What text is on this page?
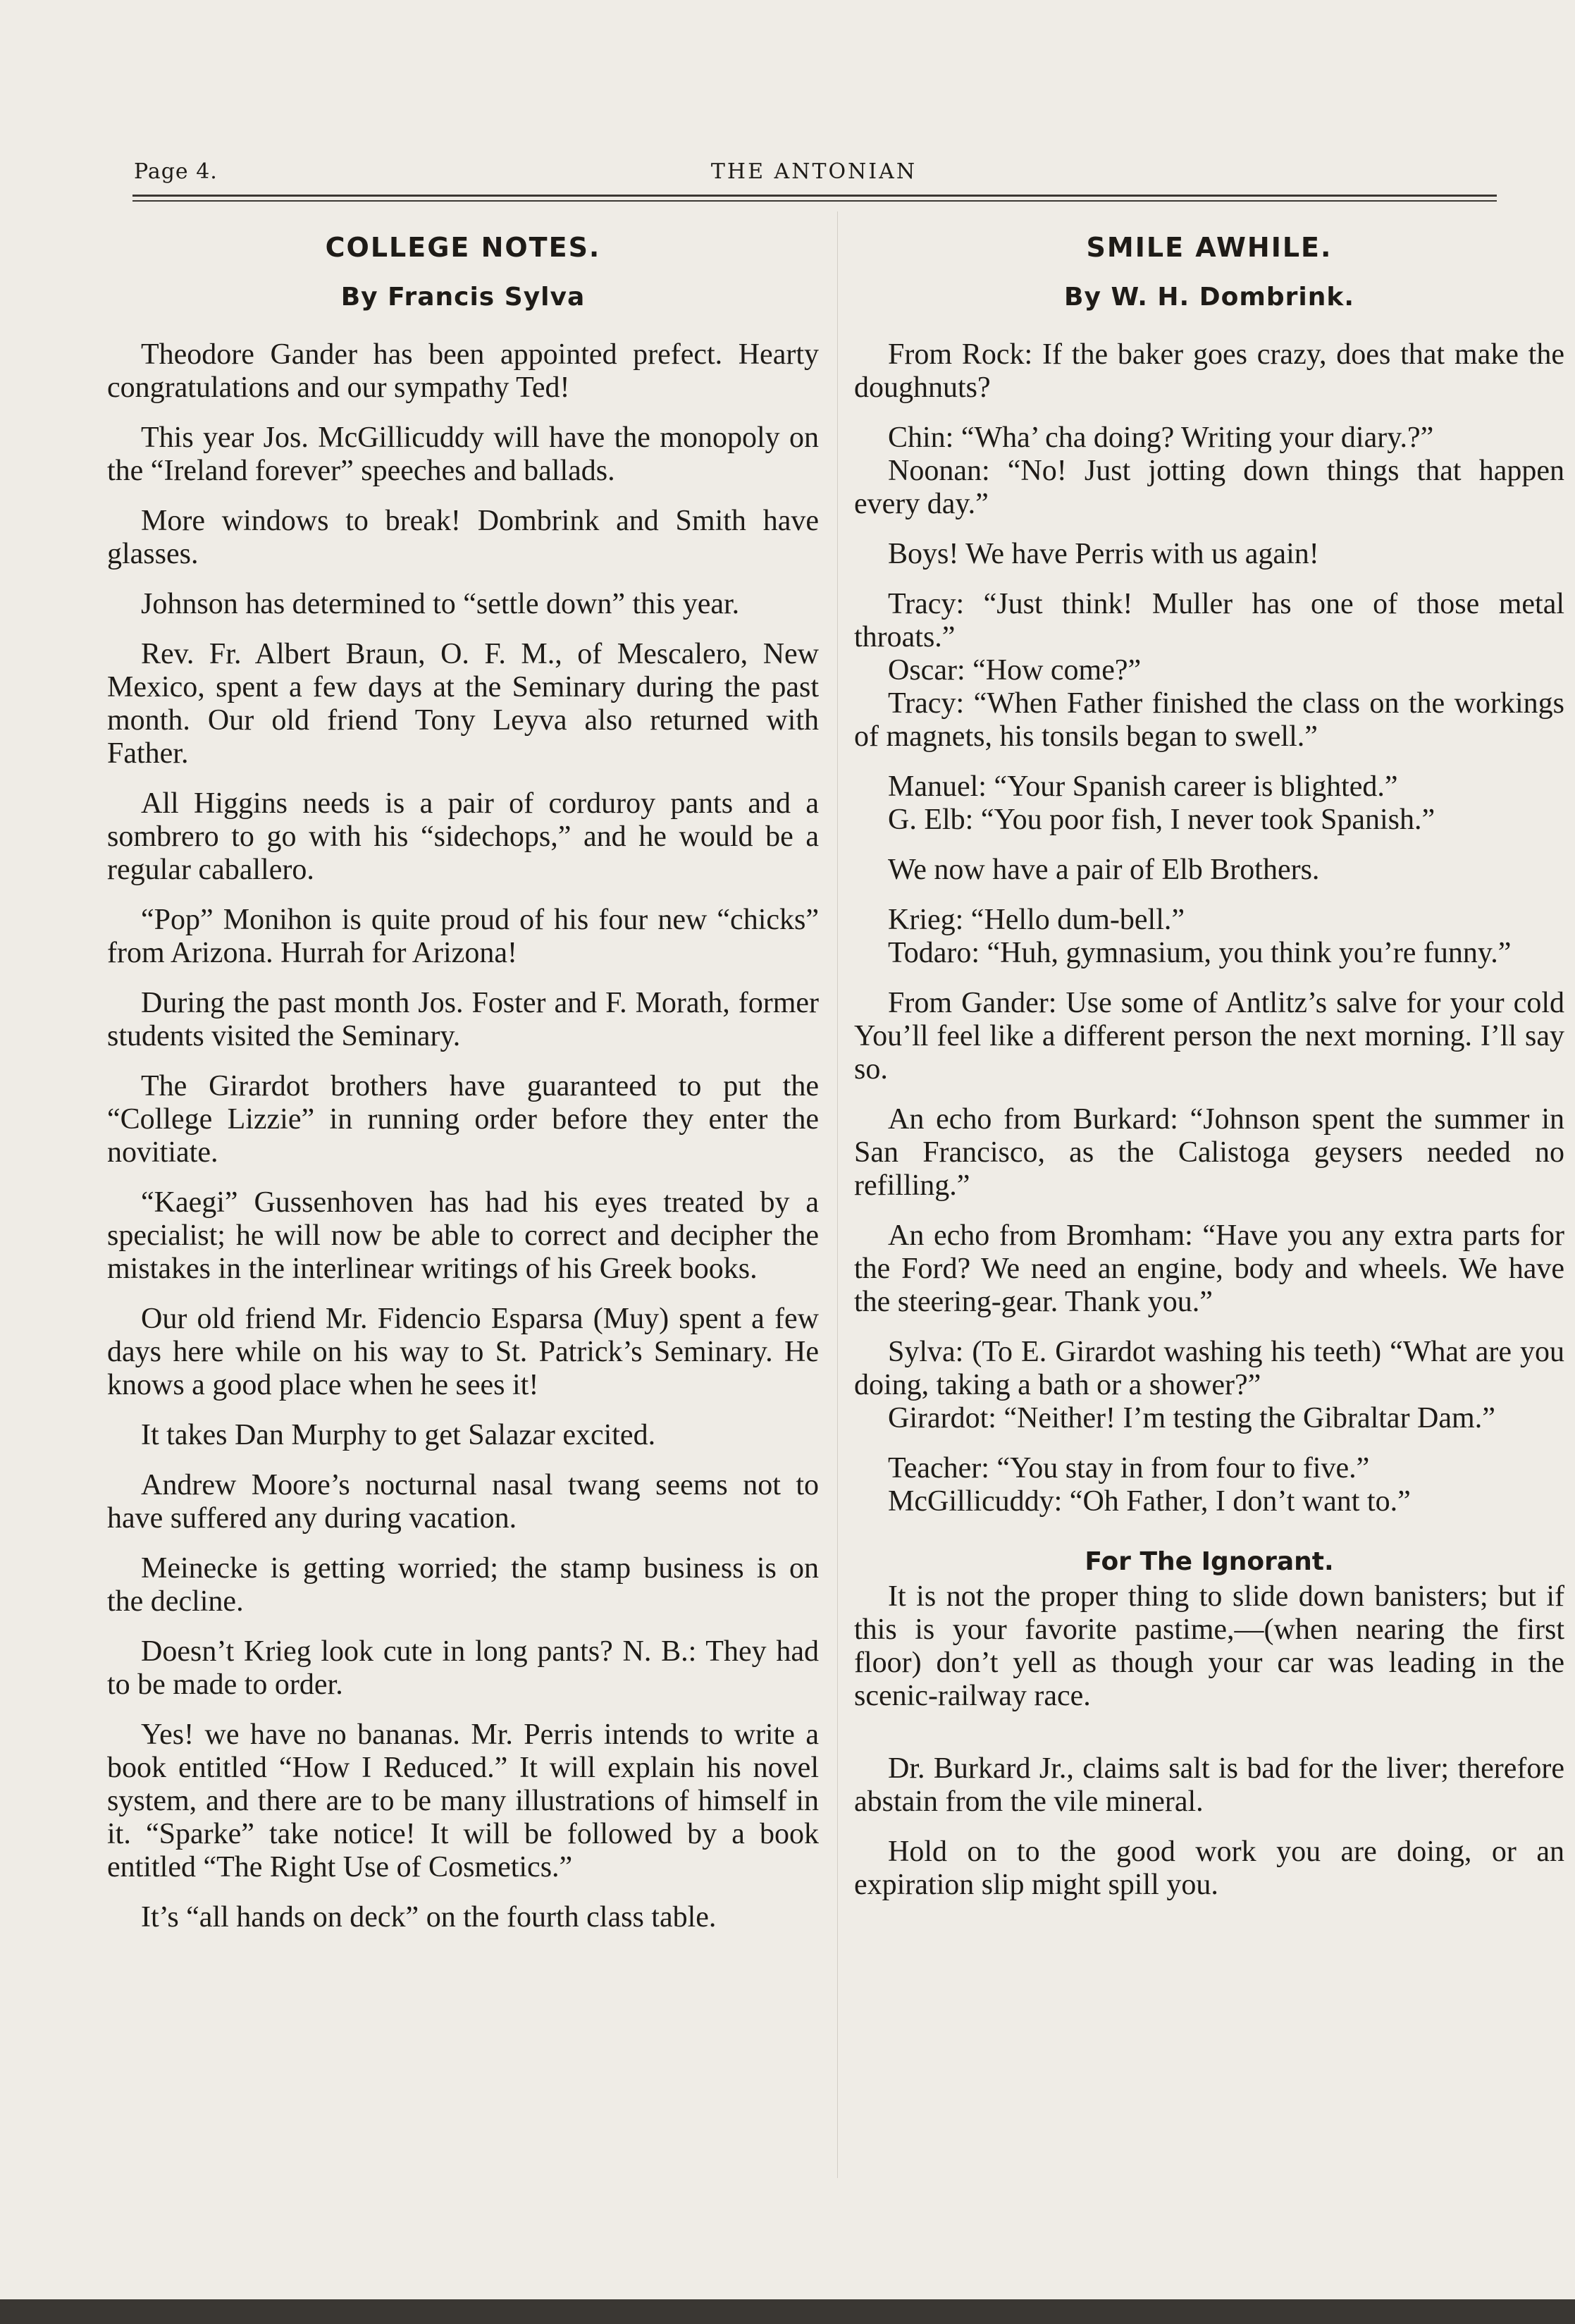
Page 4.	THE ANTONIAN
COLLEGE NOTES.
By Francis Sylva

Theodore Gander has been appointed prefect. Hearty congratulations and our sympathy Ted!

This year Jos. McGillicuddy will have the monopoly on the “Ireland forever” speeches and ballads.

More windows to break! Dombrink and Smith have glasses.

Johnson has determined to “settle down” this year.

Rev. Fr. Albert Braun, O. F. M., of Mescalero, New Mexico, spent a few days at the Seminary during the past month. Our old friend Tony Leyva also returned with Father.

All Higgins needs is a pair of corduroy pants and a sombrero to go with his “sidechops,” and he would be a regular caballero.

“Pop” Monihon is quite proud of his four new “chicks” from Arizona. Hurrah for Arizona!

During the past month Jos. Foster and F. Morath, former students visited the Seminary.

The Girardot brothers have guaranteed to put the “College Lizzie” in running order before they enter the novitiate.

“Kaegi” Gussenhoven has had his eyes treated by a specialist; he will now be able to correct and decipher the mistakes in the interlinear writings of his Greek books.

Our old friend Mr. Fidencio Esparsa (Muy) spent a few days here while on his way to St. Patrick’s Seminary. He knows a good place when he sees it!

It takes Dan Murphy to get Salazar excited.

Andrew Moore’s nocturnal nasal twang seems not to have suffered any during vacation.

Meinecke is getting worried; the stamp business is on the decline.

Doesn’t Krieg look cute in long pants? N. B.: They had to be made to order.

Yes! we have no bananas. Mr. Perris intends to write a book entitled “How I Reduced.” It will explain his novel system, and there are to be many illustrations of himself in it. “Sparke” take notice! It will be followed by a book entitled “The Right Use of Cosmetics.”

It’s “all hands on deck” on the fourth class table.

SMILE AWHILE.
By W. H. Dombrink.

From Rock: If the baker goes crazy, does that make the doughnuts?

Chin: “Wha’ cha doing? Writing your diary.?”

Noonan: “No! Just jotting down things that happen every day.”

Boys! We have Perris with us again!

Tracy: “Just think! Muller has one of those metal throats.”

Oscar: “How come?”

Tracy: “When Father finished the class on the workings of magnets, his tonsils began to swell.”

Manuel: “Your Spanish career is blighted.”

G. Elb: “You poor fish, I never took Spanish.”

We now have a pair of Elb Brothers.

Krieg: “Hello dum-bell.”

Todaro: “Huh, gymnasium, you think you’re funny.”

From Gander: Use some of Antlitz’s salve for your cold You’ll feel like a different person the next morning. I’ll say so.

An echo from Burkard: “Johnson spent the summer in San Francisco, as the Calistoga geysers needed no refilling.”

An echo from Bromham: “Have you any extra parts for the Ford? We need an engine, body and wheels. We have the steering-gear. Thank you.”

Sylva: (To E. Girardot washing his teeth) “What are you doing, taking a bath or a shower?”

Girardot: “Neither! I’m testing the Gibraltar Dam.”

Teacher: “You stay in from four to five.”

McGillicuddy: “Oh Father, I don’t want to.”

For The Ignorant.

It is not the proper thing to slide down banisters; but if this is your favorite pastime,—(when nearing the first floor) don’t yell as though your car was leading in the scenic-railway race.

Dr. Burkard Jr., claims salt is bad for the liver; therefore abstain from the vile mineral.

Hold on to the good work you are doing, or an expiration slip might spill you.
